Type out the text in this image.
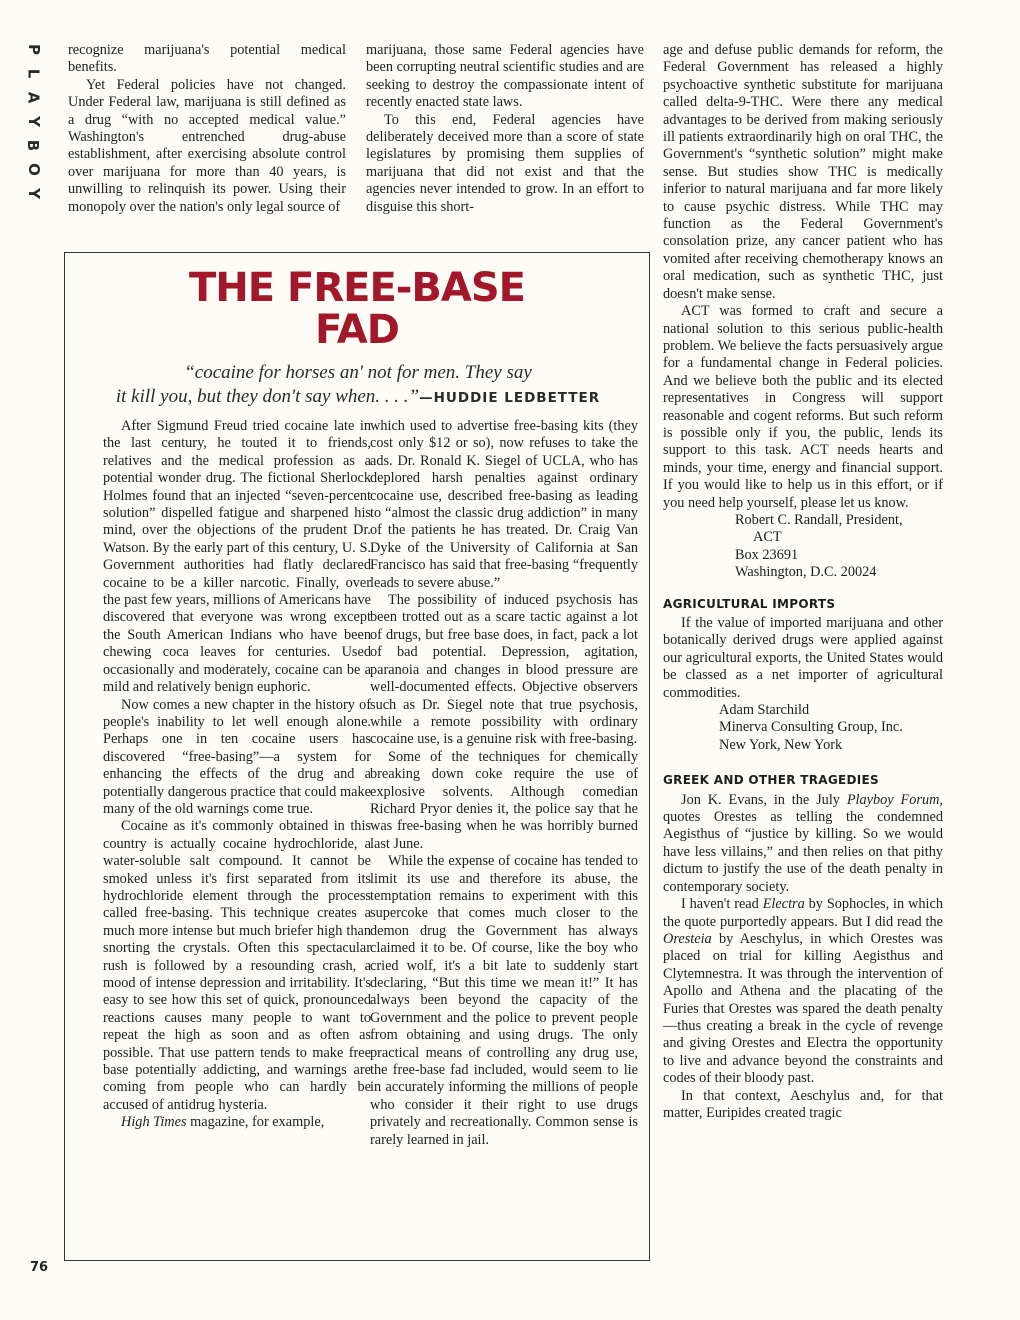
P
L
A
Y
B
O
Y
76

recognize marijuana's potential medical benefits.

Yet Federal policies have not changed. Under Federal law, marijuana is still defined as a drug “with no accepted medical value.” Washington's entrenched drug-abuse establishment, after exercising absolute control over marijuana for more than 40 years, is unwilling to relinquish its power. Using their monopoly over the nation's only legal source of

marijuana, those same Federal agencies have been corrupting neutral scientific studies and are seeking to destroy the compassionate intent of recently enacted state laws.

To this end, Federal agencies have deliberately deceived more than a score of state legislatures by promising them supplies of marijuana that did not exist and that the agencies never intended to grow. In an effort to disguise this short-

THE FREE-BASE
FAD
“cocaine for horses an' not for men. They say
it kill you, but they don't say when. . . .”—HUDDIE LEDBETTER

After Sigmund Freud tried cocaine late in the last century, he touted it to friends, relatives and the medical profession as a potential wonder drug. The fictional Sherlock Holmes found that an injected “seven-percent solution” dispelled fatigue and sharpened his mind, over the objections of the prudent Dr. Watson. By the early part of this century, U. S. Government authorities had flatly declared cocaine to be a killer narcotic. Finally, over the past few years, millions of Americans have discovered that everyone was wrong except the South American Indians who have been chewing coca leaves for centuries. Used occasionally and moderately, cocaine can be a mild and relatively benign euphoric.

Now comes a new chapter in the history of people's inability to let well enough alone. Perhaps one in ten cocaine users has discovered “free-basing”—a system for enhancing the effects of the drug and a potentially dangerous practice that could make many of the old warnings come true.

Cocaine as it's commonly obtained in this country is actually cocaine hydrochloride, a water-soluble salt compound. It cannot be smoked unless it's first separated from its hydrochloride element through the process called free-basing. This technique creates a much more intense but much briefer high than snorting the crystals. Often this spectacular rush is followed by a resounding crash, a mood of intense depression and irritability. It's easy to see how this set of quick, pronounced reactions causes many people to want to repeat the high as soon and as often as possible. That use pattern tends to make free base potentially addicting, and warnings are coming from people who can hardly be accused of antidrug hysteria.

High Times magazine, for example,

which used to advertise free-basing kits (they cost only $12 or so), now refuses to take the ads. Dr. Ronald K. Siegel of UCLA, who has deplored harsh penalties against ordinary cocaine use, described free-basing as leading to “almost the classic drug addiction” in many of the patients he has treated. Dr. Craig Van Dyke of the University of California at San Francisco has said that free-basing “frequently leads to severe abuse.”

The possibility of induced psychosis has been trotted out as a scare tactic against a lot of drugs, but free base does, in fact, pack a lot of bad potential. Depression, agitation, paranoia and changes in blood pressure are well-documented effects. Objective observers such as Dr. Siegel note that true psychosis, while a remote possibility with ordinary cocaine use, is a genuine risk with free-basing.

Some of the techniques for chemically breaking down coke require the use of explosive solvents. Although comedian Richard Pryor denies it, the police say that he was free-basing when he was horribly burned last June.

While the expense of cocaine has tended to limit its use and therefore its abuse, the temptation remains to experiment with this supercoke that comes much closer to the demon drug the Government has always claimed it to be. Of course, like the boy who cried wolf, it's a bit late to suddenly start declaring, “But this time we mean it!” It has always been beyond the capacity of the Government and the police to prevent people from obtaining and using drugs. The only practical means of controlling any drug use, the free-base fad included, would seem to lie in accurately informing the millions of people who consider it their right to use drugs privately and recreationally. Common sense is rarely learned in jail.

age and defuse public demands for reform, the Federal Government has released a highly psychoactive synthetic substitute for marijuana called delta-9-THC. Were there any medical advantages to be derived from making seriously ill patients extraordinarily high on oral THC, the Government's “synthetic solution” might make sense. But studies show THC is medically inferior to natural marijuana and far more likely to cause psychic distress. While THC may function as the Federal Government's consolation prize, any cancer patient who has vomited after receiving chemotherapy knows an oral medication, such as synthetic THC, just doesn't make sense.

ACT was formed to craft and secure a national solution to this serious public-health problem. We believe the facts persuasively argue for a fundamental change in Federal policies. And we believe both the public and its elected representatives in Congress will support reasonable and cogent reforms. But such reform is possible only if you, the public, lends its support to this task. ACT needs hearts and minds, your time, energy and financial support. If you would like to help us in this effort, or if you need help yourself, please let us know.

Robert C. Randall, President,

ACT

Box 23691

Washington, D.C. 20024

AGRICULTURAL IMPORTS

If the value of imported marijuana and other botanically derived drugs were applied against our agricultural exports, the United States would be classed as a net importer of agricultural commodities.

Adam Starchild

Minerva Consulting Group, Inc.

New York, New York

GREEK AND OTHER TRAGEDIES

Jon K. Evans, in the July Playboy Forum, quotes Orestes as telling the condemned Aegisthus of “justice by killing. So we would have less villains,” and then relies on that pithy dictum to justify the use of the death penalty in contemporary society.

I haven't read Electra by Sophocles, in which the quote purportedly appears. But I did read the Oresteia by Aeschylus, in which Orestes was placed on trial for killing Aegisthus and Clytemnestra. It was through the intervention of Apollo and Athena and the placating of the Furies that Orestes was spared the death penalty—thus creating a break in the cycle of revenge and giving Orestes and Electra the opportunity to live and advance beyond the constraints and codes of their bloody past.

In that context, Aeschylus and, for that matter, Euripides created tragic
